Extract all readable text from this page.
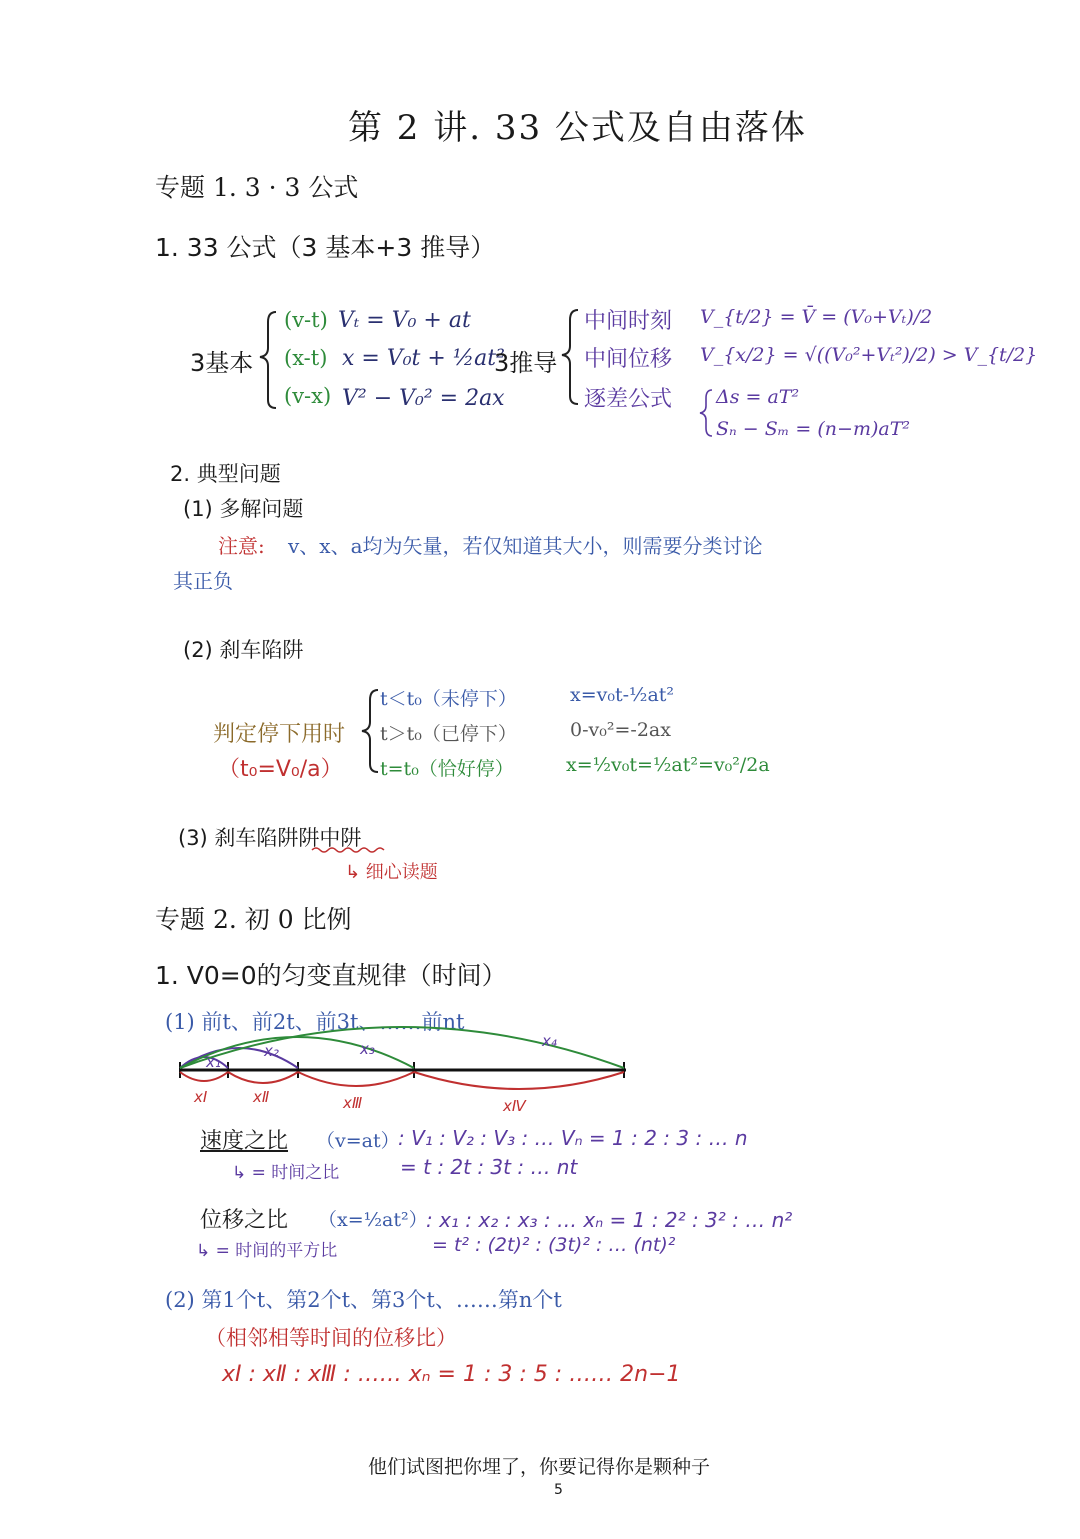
第 2 讲. 33 公式及自由落体
专题 1. 3 · 3 公式
1. 33 公式（3 基本+3 推导）
3基本
(v-t) Vₜ = V₀ + at
(x-t) x = V₀t + ½at²
(v-x) V² − V₀² = 2ax
3推导
中间时刻 V_{t/2} = V̄ = (V₀+Vₜ)/2
中间位移 V_{x/2} = √((V₀²+Vₜ²)/2) > V_{t/2}
逐差公式 Δs = aT²
Sₙ − Sₘ = (n−m)aT²
2. 典型问题
(1) 多解问题
注意: v、x、a均为矢量，若仅知道其大小，则需要分类讨论
其正负
(2) 刹车陷阱
判定停下用时
（t₀=V₀/a）
t＜t₀（未停下）	x=v₀t-½at²
t＞t₀（已停下）	0-v₀²=-2ax
t=t₀（恰好停）	x=½v₀t=½at²=v₀²/2a
(3) 刹车陷阱阱中阱
↳ 细心读题
专题 2. 初 0 比例
1. V0=0的匀变直规律（时间）
(1) 前t、前2t、前3t、……前nt
x₁
x₂	x₃	x₄
xⅠ	xⅡ	xⅢ	xⅣ
速度之比 （v=at）
: V₁ : V₂ : V₃ : … Vₙ = 1 : 2 : 3 : … n
↳ = 时间之比	= t : 2t : 3t : … nt
位移之比 （x=½at²）
: x₁ : x₂ : x₃ : … xₙ = 1 : 2² : 3² : … n²
↳ = 时间的平方比	= t² : (2t)² : (3t)² : … (nt)²
(2) 第1个t、第2个t、第3个t、……第n个t
（相邻相等时间的位移比）
xⅠ : xⅡ : xⅢ : …… xₙ = 1 : 3 : 5 : …… 2n−1
他们试图把你埋了，你要记得你是颗种子
5
